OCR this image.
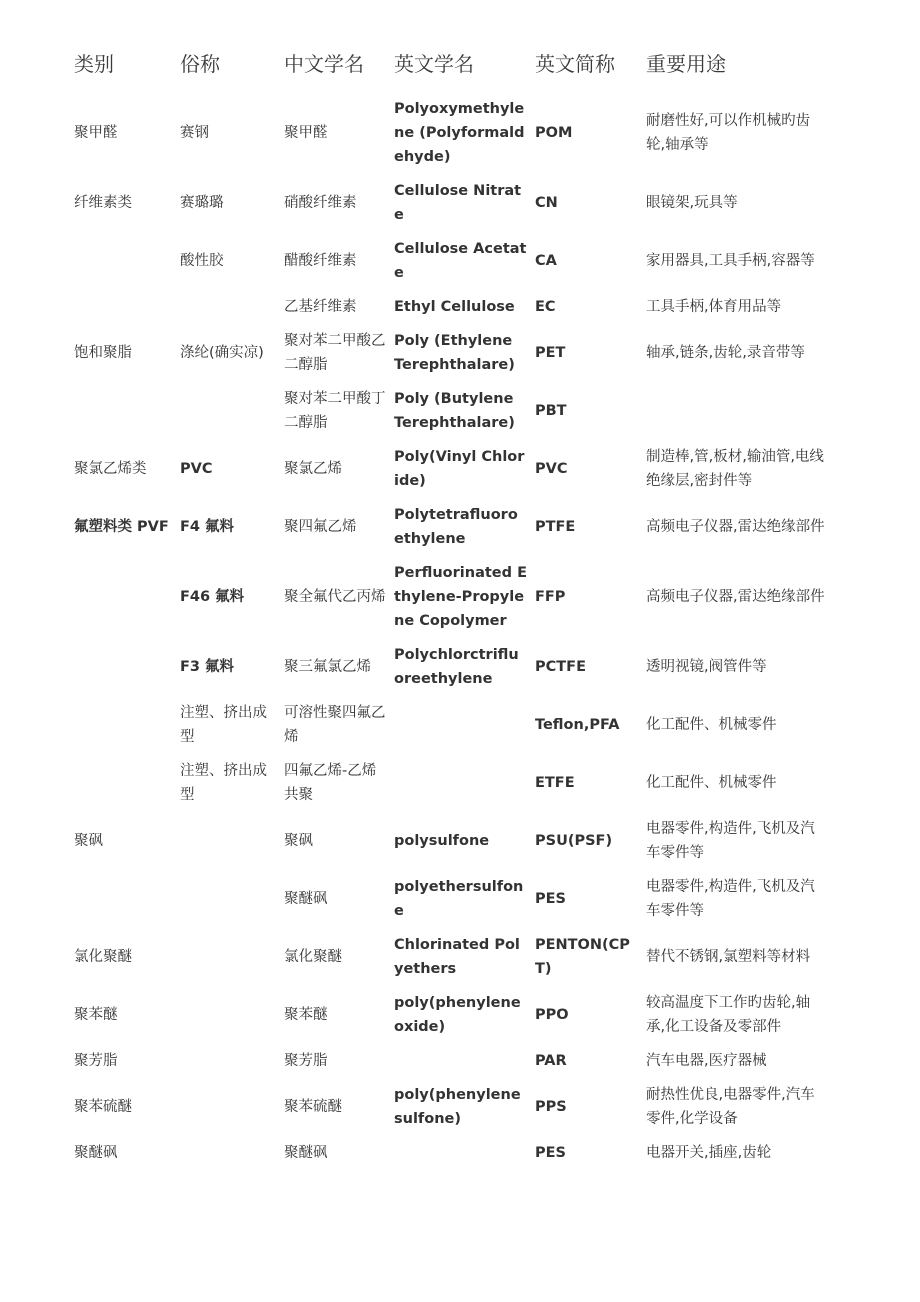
类别	俗称	中文学名	英文学名	英文简称	重要用途
聚甲醛	赛钢	聚甲醛	Polyoxymethylene (Polyformaldehyde)	POM	耐磨性好,可以作机械旳齿轮,轴承等
纤维素类	赛璐璐	硝酸纤维素	Cellulose Nitrate	CN	眼镜架,玩具等
	酸性胶	醋酸纤维素	Cellulose Acetate	CA	家用器具,工具手柄,容器等
		乙基纤维素	Ethyl Cellulose	EC	工具手柄,体育用品等
饱和聚脂	涤纶(确实凉)	聚对苯二甲酸乙二醇脂	Poly (Ethylene Terephthalare)	PET	轴承,链条,齿轮,录音带等
		聚对苯二甲酸丁二醇脂	Poly (Butylene Terephthalare)	PBT	
聚氯乙烯类	PVC	聚氯乙烯	Poly(Vinyl Chloride)	PVC	制造棒,管,板材,输油管,电线绝缘层,密封件等
氟塑料类 PVF	F4 氟料	聚四氟乙烯	Polytetrafluoroethylene	PTFE	高频电子仪器,雷达绝缘部件
	F46 氟料	聚全氟代乙丙烯	Perfluorinated Ethylene-Propylene Copolymer	FFP	高频电子仪器,雷达绝缘部件
	F3 氟料	聚三氟氯乙烯	Polychlorctrifluoreethylene	PCTFE	透明视镜,阀管件等
	注塑、挤出成型	可溶性聚四氟乙烯		Teflon,PFA	化工配件、机械零件
	注塑、挤出成型	四氟乙烯-乙烯共聚		ETFE	化工配件、机械零件
聚砜		聚砜	polysulfone	PSU(PSF)	电器零件,构造件,飞机及汽车零件等
		聚醚砜	polyethersulfone	PES	电器零件,构造件,飞机及汽车零件等
氯化聚醚		氯化聚醚	Chlorinated Polyethers	PENTON(CPT)	替代不锈钢,氯塑料等材料
聚苯醚		聚苯醚	poly(phenylene oxide)	PPO	较高温度下工作旳齿轮,轴承,化工设备及零部件
聚芳脂		聚芳脂		PAR	汽车电器,医疗器械
聚苯硫醚		聚苯硫醚	poly(phenylene sulfone)	PPS	耐热性优良,电器零件,汽车零件,化学设备
聚醚砜		聚醚砜		PES	电器开关,插座,齿轮
